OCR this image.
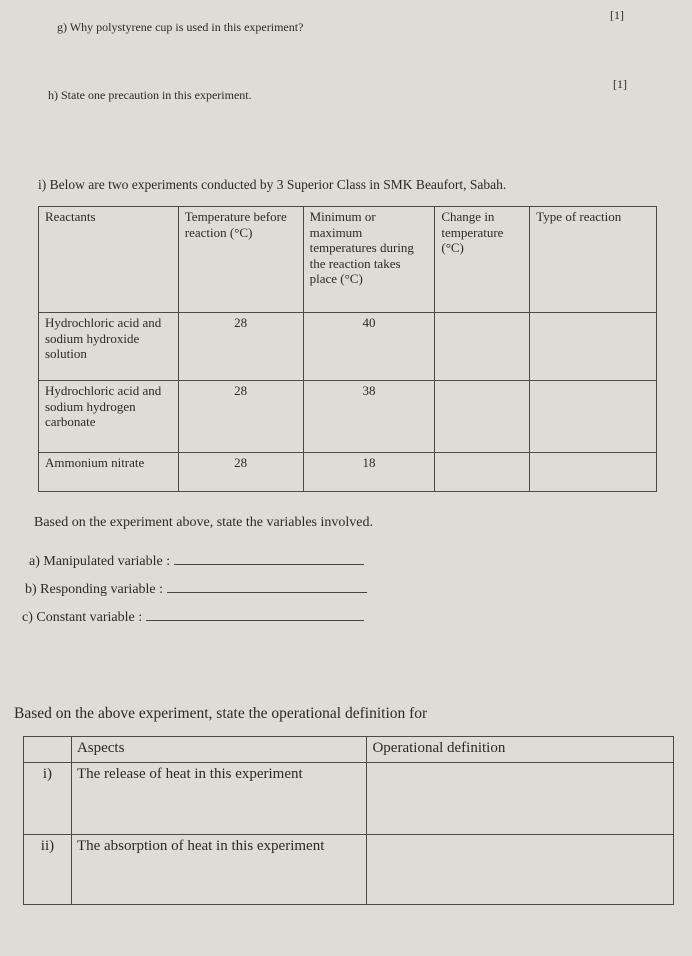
g) Why polystyrene cup is used in this experiment?
[1]
h) State one precaution in this experiment.
[1]
i) Below are two experiments conducted by 3 Superior Class in SMK Beaufort, Sabah.
Reactants	Temperature before reaction (°C)	Minimum or maximum temperatures during the reaction takes place (°C)	Change in temperature (°C)	Type of reaction
Hydrochloric acid and sodium hydroxide solution	28	40		
Hydrochloric acid and sodium hydrogen carbonate	28	38		
Ammonium nitrate	28	18		
Based on the experiment above, state the variables involved.
a) Manipulated variable :
b) Responding variable :
c) Constant variable :
Based on the above experiment, state the operational definition for
	Aspects	Operational definition
i)	The release of heat in this experiment	
ii)	The absorption of heat in this experiment	
